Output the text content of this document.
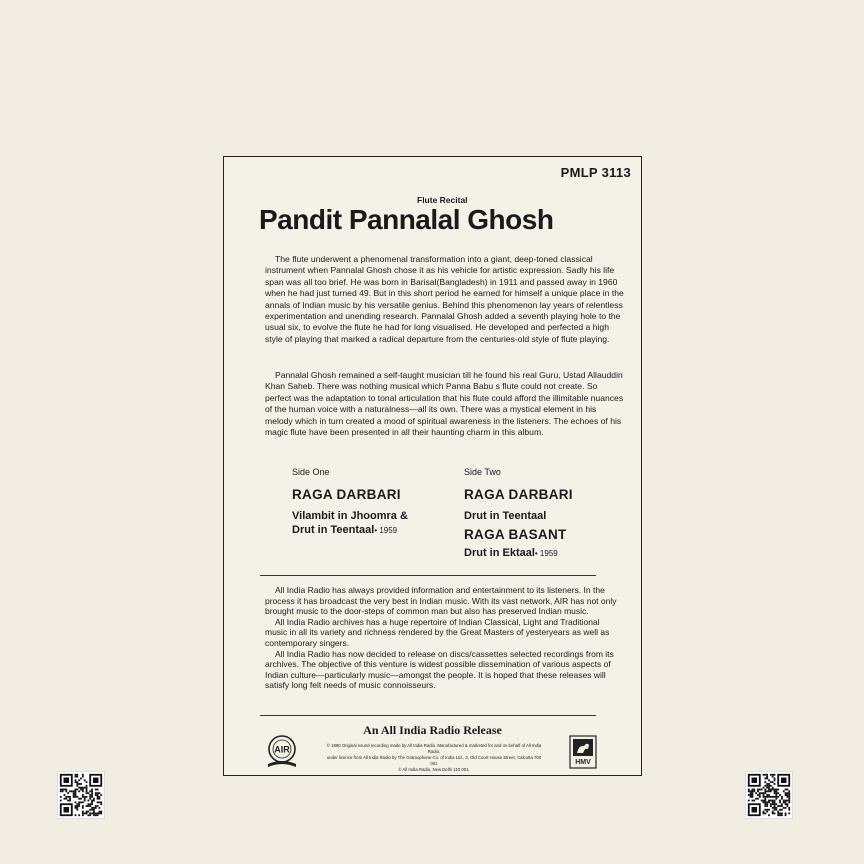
PMLP 3113
Flute Recital
Pandit Pannalal Ghosh

The flute underwent a phenomenal transformation into a giant, deep-toned classical instrument when Pannalal Ghosh chose it as his vehicle for artistic expression. Sadly his life span was all too brief. He was born in Barisal(Bangladesh) in 1911 and passed away in 1960 when he had just turned 49. But in this short period he earned for himself a unique place in the annals of Indian music by his versatile genius. Behind this phenomenon lay years of relentless experimentation and unending research. Pannalal Ghosh added a seventh playing hole to the usual six, to evolve the flute he had for long visualised. He developed and perfected a high style of playing that marked a radical departure from the centuries-old style of flute playing.

Pannalal Ghosh remained a self-taught musician till he found his real Guru, Ustad Allauddin Khan Saheb. There was nothing musical which Panna Babu s flute could not create. So perfect was the adaptation to tonal articulation that his flute could afford the illimitable nuances of the human voice with a naturalness—all its own. There was a mystical element in his melody which in turn created a mood of spiritual awareness in the listeners. The echoes of his magic flute have been presented in all their haunting charm in this album.

Side One
RAGA DARBARI
Vilambit in Jhoomra &
Drut in Teentaal• 1959
Side Two
RAGA DARBARI
Drut in Teentaal
RAGA BASANT
Drut in Ektaal• 1959

All India Radio has always provided information and entertainment to its listeners. In the process it has broadcast the very best in Indian music. With its vast network, AIR has not only brought music to the door-steps of common man but also has preserved Indian music.

All India Radio archives has a huge repertoire of Indian Classical, Light and Traditional music in all its variety and richness rendered by the Great Masters of yesteryears as well as contemporary singers.

All India Radio has now decided to release on discs/cassettes selected recordings from its archives. The objective of this venture is widest possible dissemination of various aspects of Indian culture—particularly music—amongst the people. It is hoped that these releases will satisfy long felt needs of music connoisseurs.

An All India Radio Release
AIR	© 1990 Original sound recording made by All India Radio. Manufactured & marketed for and on behalf of All India Radio,
under licence from All India Radio by The Gramophone Co. of India Ltd., 3, Old Court House Street, Calcutta 700 001
© All India Radio, New Delhi 110 001.
HMV
